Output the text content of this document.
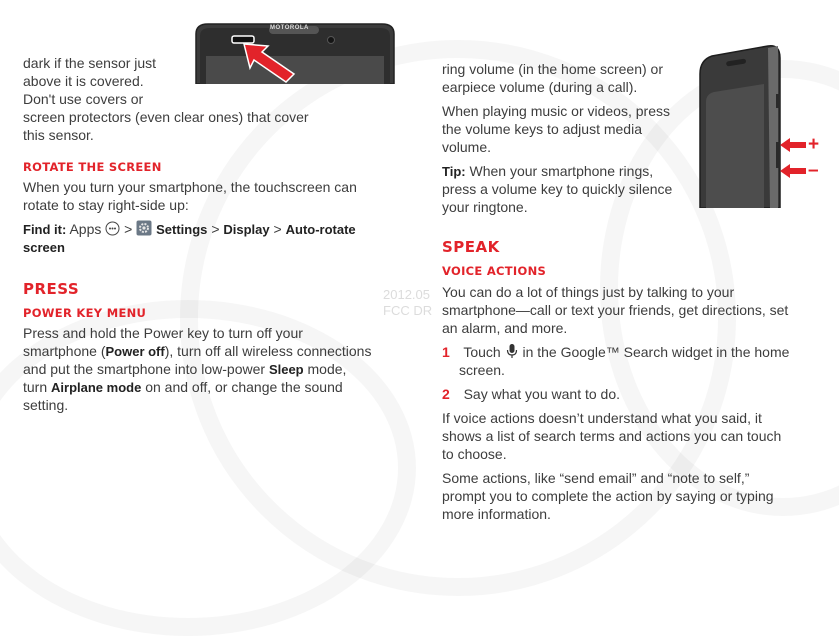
2012.05
FCC DR
MOTOROLA
dark if the sensor just
above it is covered.
Don't use covers or
screen protectors (even clear ones) that cover
this sensor.
ROTATE THE SCREEN
When you turn your smartphone, the touchscreen can
rotate to stay right-side up:
Find it: Apps > Settings > Display > Auto-rotate
screen
PRESS
POWER KEY MENU
Press and hold the Power key to turn off your
smartphone (Power off), turn off all wireless connections
and put the smartphone into low-power Sleep mode,
turn Airplane mode on and off, or change the sound
setting.
ring volume (in the home screen) or
earpiece volume (during a call).
When playing music or videos, press
the volume keys to adjust media
volume.
Tip: When your smartphone rings,
press a volume key to quickly silence
your ringtone.
+
–
SPEAK
VOICE ACTIONS
You can do a lot of things just by talking to your
smartphone—call or text your friends, get directions, set
an alarm, and more.
1 Touch in the Google™ Search widget in the home
screen.
2 Say what you want to do.
If voice actions doesn’t understand what you said, it
shows a list of search terms and actions you can touch
to choose.
Some actions, like “send email” and “note to self,”
prompt you to complete the action by saying or typing
more information.
